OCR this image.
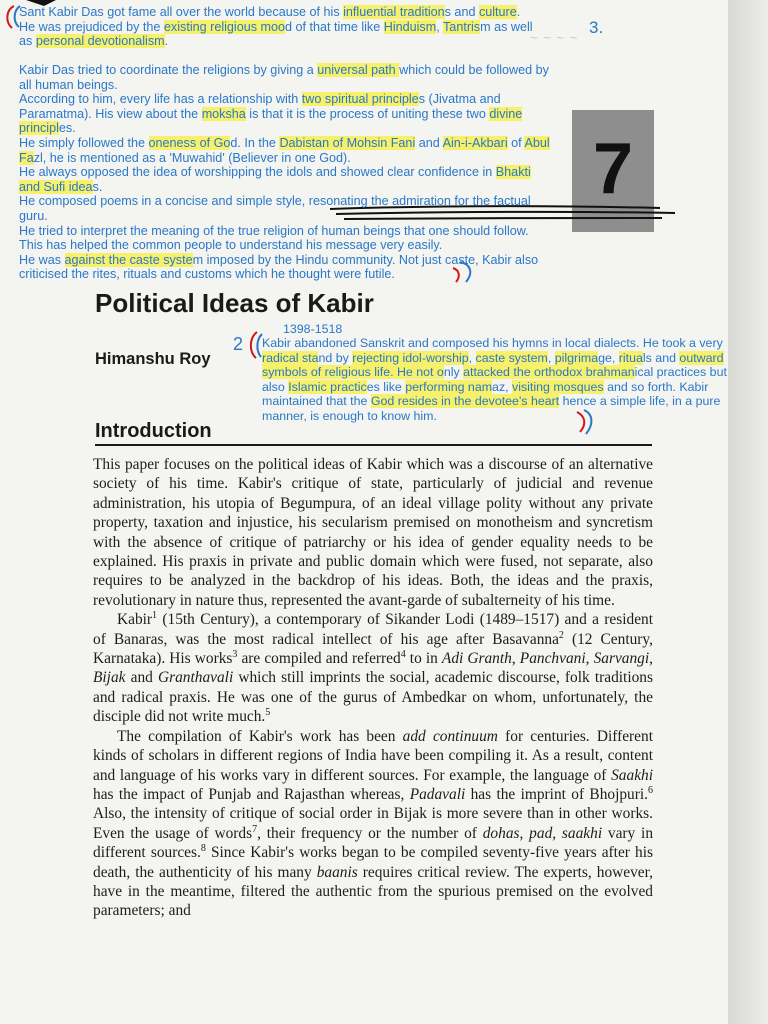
~ ~ ~ ~
7
3.
2
1398-1518

Sant Kabir Das got fame all over the world because of his influential traditions and culture. He was prejudiced by the existing religious mood of that time like Hinduism, Tantrism as well as personal devotionalism.

Kabir Das tried to coordinate the religions by giving a universal path which could be followed by all human beings.

According to him, every life has a relationship with two spiritual principles (Jivatma and Paramatma). His view about the moksha is that it is the process of uniting these two divine principles.

He simply followed the oneness of God. In the Dabistan of Mohsin Fani and Ain-i-Akbari of Abul Fazl, he is mentioned as a 'Muwahid' (Believer in one God).

He always opposed the idea of worshipping the idols and showed clear confidence in Bhakti and Sufi ideas.

He composed poems in a concise and simple style, resonating the admiration for the factual guru.

He tried to interpret the meaning of the true religion of human beings that one should follow. This has helped the common people to understand his message very easily.

He was against the caste system imposed by the Hindu community. Not just caste, Kabir also criticised the rites, rituals and customs which he thought were futile.

Kabir abandoned Sanskrit and composed his hymns in local dialects. He took a very radical stand by rejecting idol-worship, caste system, pilgrimage, rituals and outward symbols of religious life. He not only attacked the orthodox brahmanical practices but also Islamic practices like performing namaz, visiting mosques and so forth. Kabir maintained that the God resides in the devotee's heart hence a simple life, in a pure manner, is enough to know him.

Political Ideas of Kabir
Himanshu Roy
Introduction

This paper focuses on the political ideas of Kabir which was a discourse of an alternative society of his time. Kabir's critique of state, particularly of judicial and revenue administration, his utopia of Begumpura, of an ideal village polity without any private property, taxation and injustice, his secularism premised on monotheism and syncretism with the absence of critique of patriarchy or his idea of gender equality needs to be explained. His praxis in private and public domain which were fused, not separate, also requires to be analyzed in the backdrop of his ideas. Both, the ideas and the praxis, revolutionary in nature thus, represented the avant-garde of subalterneity of his time.

Kabir$^1$ (15th Century), a contemporary of Sikander Lodi (1489–1517) and a resident of Banaras, was the most radical intellect of his age after Basavanna$^2$ (12 Century, Karnataka). His works$^3$ are compiled and referred$^4$ to in Adi Granth, Panchvani, Sarvangi, Bijak and Granthavali which still imprints the social, academic discourse, folk traditions and radical praxis. He was one of the gurus of Ambedkar on whom, unfortunately, the disciple did not write much.$^5$

The compilation of Kabir's work has been add continuum for centuries. Different kinds of scholars in different regions of India have been compiling it. As a result, content and language of his works vary in different sources. For example, the language of Saakhi has the impact of Punjab and Rajasthan whereas, Padavali has the imprint of Bhojpuri.$^6$ Also, the intensity of critique of social order in Bijak is more severe than in other works. Even the usage of words$^7$, their frequency or the number of dohas, pad, saakhi vary in different sources.$^8$ Since Kabir's works began to be compiled seventy-five years after his death, the authenticity of his many baanis requires critical review. The experts, however, have in the meantime, filtered the authentic from the spurious premised on the evolved parameters; and
